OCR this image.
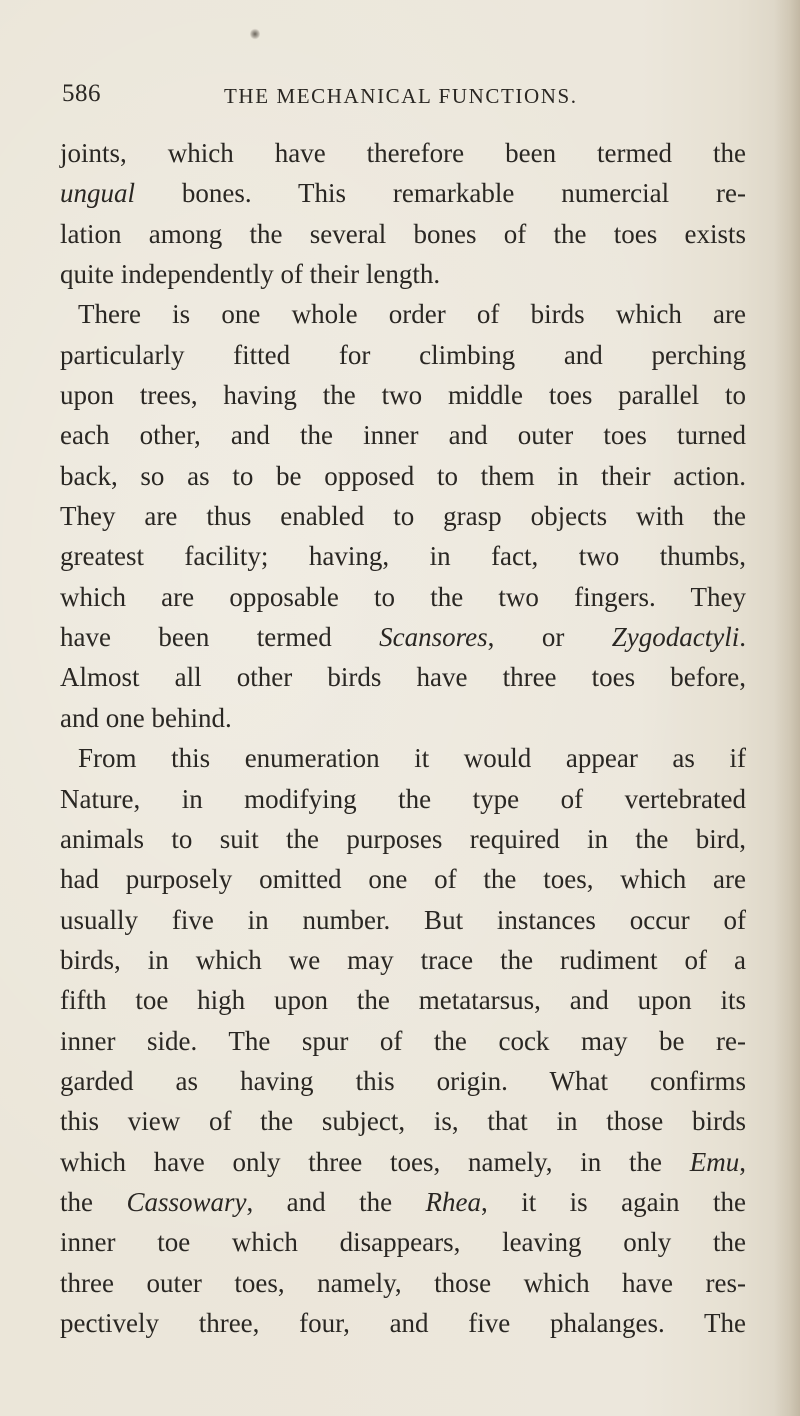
586	THE MECHANICAL FUNCTIONS.
joints, which have therefore been termed the
ungual bones. This remarkable numercial re-
lation among the several bones of the toes exists
quite independently of their length.
There is one whole order of birds which are
particularly fitted for climbing and perching
upon trees, having the two middle toes parallel to
each other, and the inner and outer toes turned
back, so as to be opposed to them in their action.
They are thus enabled to grasp objects with the
greatest facility; having, in fact, two thumbs,
which are opposable to the two fingers. They
have been termed Scansores, or Zygodactyli.
Almost all other birds have three toes before,
and one behind.
From this enumeration it would appear as if
Nature, in modifying the type of vertebrated
animals to suit the purposes required in the bird,
had purposely omitted one of the toes, which are
usually five in number. But instances occur of
birds, in which we may trace the rudiment of a
fifth toe high upon the metatarsus, and upon its
inner side. The spur of the cock may be re-
garded as having this origin. What confirms
this view of the subject, is, that in those birds
which have only three toes, namely, in the Emu,
the Cassowary, and the Rhea, it is again the
inner toe which disappears, leaving only the
three outer toes, namely, those which have res-
pectively three, four, and five phalanges. The
